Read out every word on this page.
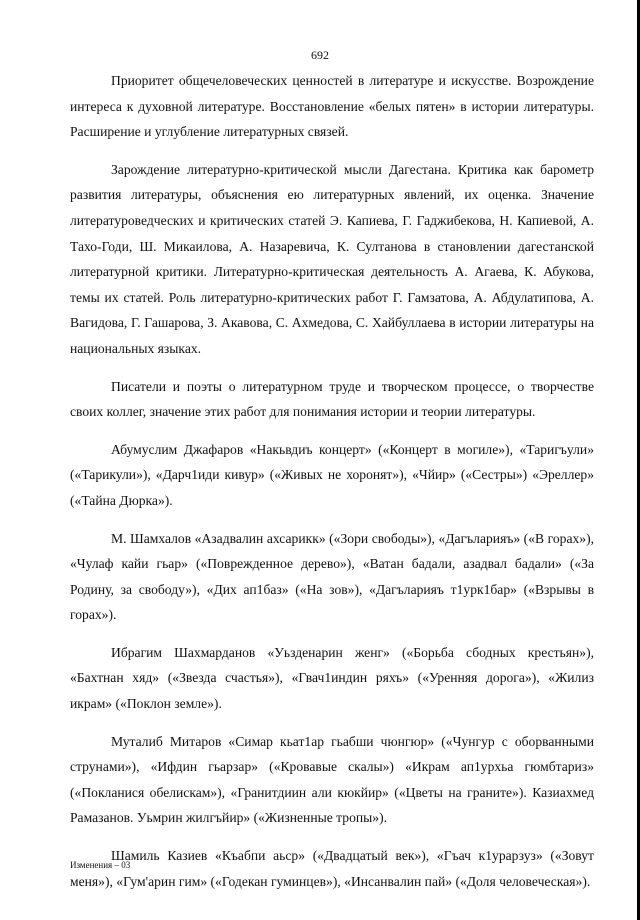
692

Приоритет общечеловеческих ценностей в литературе и искусстве. Возрождение интереса к духовной литературе. Восстановление «белых пятен» в истории литературы. Расширение и углубление литературных связей.

Зарождение литературно-критической мысли Дагестана. Критика как барометр развития литературы, объяснения ею литературных явлений, их оценка. Значение литературоведческих и критических статей Э. Капиева, Г. Гаджибекова, Н. Капиевой, А. Тахо-Годи, Ш. Микаилова, А. Назаревича, К. Султанова в становлении дагестанской литературной критики. Литературно-критическая деятельность А. Агаева, К. Абукова, темы их статей. Роль литературно-критических работ Г. Гамзатова, А. Абдулатипова, А. Вагидова, Г. Гашарова, З. Акавова, С. Ахмедова, С. Хайбуллаева в истории литературы на национальных языках.

Писатели и поэты о литературном труде и творческом процессе, о творчестве своих коллег, значение этих работ для понимания истории и теории литературы.

Абумуслим Джафаров «Накьвдиъ концерт» («Концерт в могиле»), «Таригъули» («Тарикули»), «Дарч1иди кивур» («Живых не хоронят»), «Чйир» («Сестры») «Эреллер» («Тайна Дюрка»).

М. Шамхалов «Азадвалин ахсарикк» («Зори свободы»), «Дагъларияъ» («В горах»), «Чулаф кайи гьар» («Поврежденное дерево»), «Ватан бадали, азадвал бадали» («За Родину, за свободу»), «Дих ап1баз» («На зов»), «Дагъларияъ т1урк1бар» («Взрывы в горах»).

Ибрагим Шахмарданов «Уьзденарин женг» («Борьба сбодных крестьян»), «Бахтнан хяд» («Звезда счастья»), «Гвач1индин ряхъ» («Уренняя дорога»), «Жилиз икрам» («Поклон земле»).

Муталиб Митаров «Симар кьат1ар гьабши чюнгюр» («Чунгур с оборванными струнами»), «Ифдин гьарзар» («Кровавые скалы») «Икрам ап1урхьа гюмбтариз» («Покланися обелискам»), «Гранитдиин али кюкйир» («Цветы на граните»). Казиахмед Рамазанов. Уьмрин жилгъйир» («Жизненные тропы»).

Шамиль Казиев «Къабпи аьср» («Двадцатый век»), «Гъач к1урарзуз» («Зовут меня»), «Гум'арин гим» («Годекан гуминцев»), «Инсанвалин пай» («Доля человеческая»).

Изменения – 03
